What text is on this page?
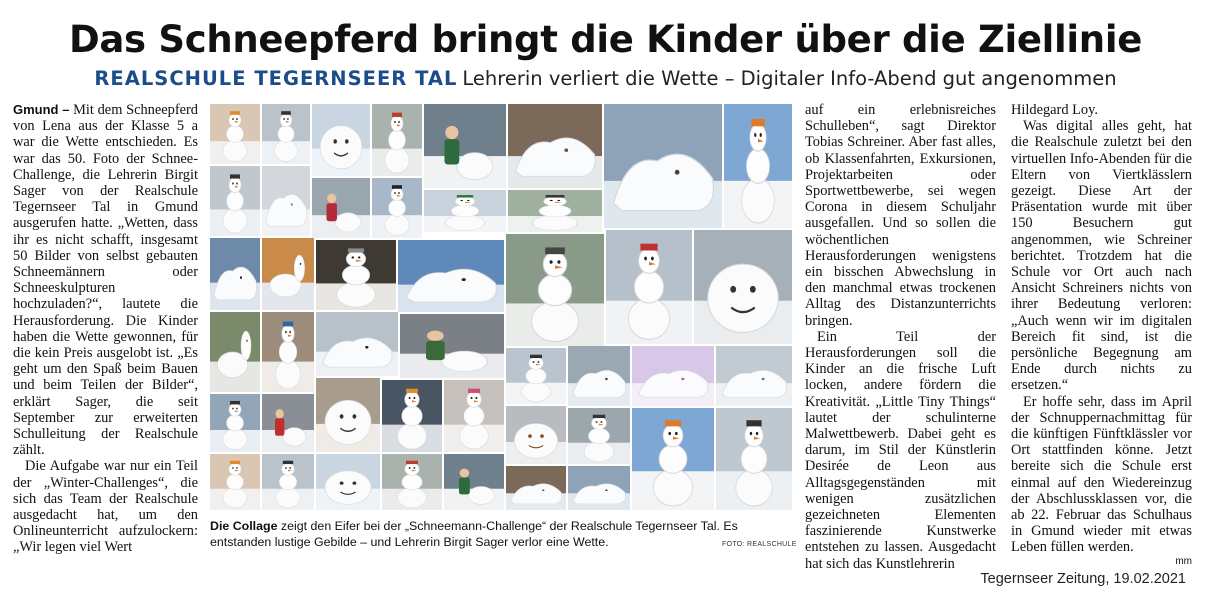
Das Schneepferd bringt die Kinder über die Ziellinie
REALSCHULE TEGERNSEER TAL Lehrerin verliert die Wette – Digitaler Info-Abend gut angenommen

Gmund – Mit dem Schneepferd von Lena aus der Klasse 5 a war die Wette entschieden. Es war das 50. Foto der Schnee-Challenge, die Lehrerin Birgit Sager von der Realschule Tegernseer Tal in Gmund ausgerufen hatte. „Wetten, dass ihr es nicht schafft, insgesamt 50 Bilder von selbst gebauten Schneemännern oder Schneeskulpturen hochzuladen?“, lautete die Herausforderung. Die Kinder haben die Wette gewonnen, für die kein Preis ausgelobt ist. „Es geht um den Spaß beim Bauen und beim Teilen der Bilder“, erklärt Sager, die seit September zur erweiterten Schulleitung der Realschule zählt.

Die Aufgabe war nur ein Teil der „Winter-Challenges“, die sich das Team der Realschule ausgedacht hat, um den Onlineunterricht aufzulockern: „Wir legen viel Wert

Die Collage zeigt den Eifer bei der „Schneemann-Challenge“ der Realschule Tegernseer Tal. Es entstanden lustige Gebilde – und Lehrerin Birgit Sager verlor eine Wette.	FOTO: REALSCHULE

auf ein erlebnisreiches Schulleben“, sagt Direktor Tobias Schreiner. Aber fast alles, ob Klassenfahrten, Exkursionen, Projektarbeiten oder Sportwettbewerbe, sei wegen Corona in diesem Schuljahr ausgefallen. Und so sollen die wöchentlichen Herausforderungen wenigstens ein bisschen Abwechslung in den manchmal etwas trockenen Alltag des Distanzunterrichts bringen.

Ein Teil der Herausforderungen soll die Kinder an die frische Luft locken, andere fördern die Kreativität. „Little Tiny Things“ lautet der schulinterne Malwettbewerb. Dabei geht es darum, im Stil der Künstlerin Desirée de Leon aus Alltagsgegenständen mit wenigen zusätzlichen gezeichneten Elementen faszinierende Kunstwerke entstehen zu lassen. Ausgedacht hat sich das Kunstlehrerin

Hildegard Loy.

Was digital alles geht, hat die Realschule zuletzt bei den virtuellen Info-Abenden für die Eltern von Viertklässlern gezeigt. Diese Art der Präsentation wurde mit über 150 Besuchern gut angenommen, wie Schreiner berichtet. Trotzdem hat die Schule vor Ort auch nach Ansicht Schreiners nichts von ihrer Bedeutung verloren: „Auch wenn wir im digitalen Bereich fit sind, ist die persönliche Begegnung am Ende durch nichts zu ersetzen.“

Er hoffe sehr, dass im April der Schnuppernachmittag für die künftigen Fünftklässler vor Ort stattfinden könne. Jetzt bereite sich die Schule erst einmal auf den Wiedereinzug der Abschlussklassen vor, die ab 22. Februar das Schulhaus in Gmund wieder mit etwas Leben füllen werden.

mm
Tegernseer Zeitung, 19.02.2021
